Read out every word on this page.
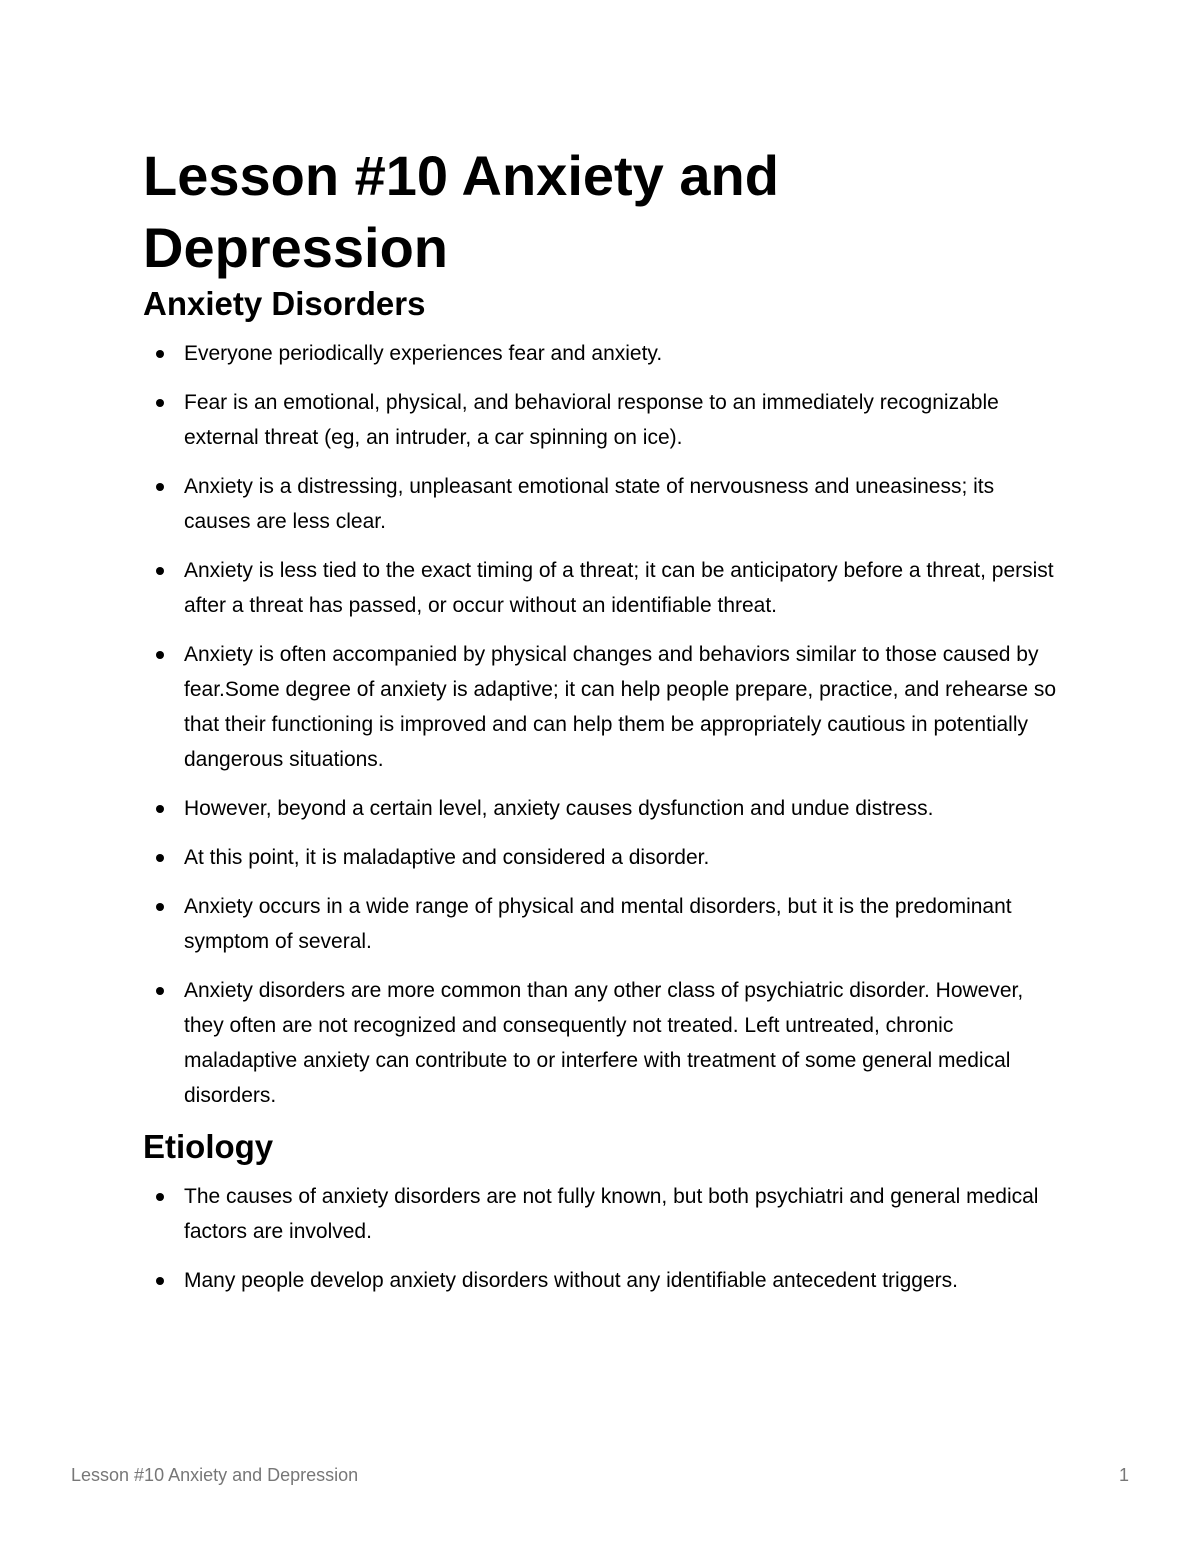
Lesson #10 Anxiety and Depression
Anxiety Disorders
Everyone periodically experiences fear and anxiety.
Fear is an emotional, physical, and behavioral response to an immediately recognizable external threat (eg, an intruder, a car spinning on ice).
Anxiety is a distressing, unpleasant emotional state of nervousness and uneasiness; its causes are less clear.
Anxiety is less tied to the exact timing of a threat; it can be anticipatory before a threat, persist after a threat has passed, or occur without an identifiable threat.
Anxiety is often accompanied by physical changes and behaviors similar to those caused by fear.Some degree of anxiety is adaptive; it can help people prepare, practice, and rehearse so that their functioning is improved and can help them be appropriately cautious in potentially dangerous situations.
However, beyond a certain level, anxiety causes dysfunction and undue distress.
At this point, it is maladaptive and considered a disorder.
Anxiety occurs in a wide range of physical and mental disorders, but it is the predominant symptom of several.
Anxiety disorders are more common than any other class of psychiatric disorder. However, they often are not recognized and consequently not treated. Left untreated, chronic maladaptive anxiety can contribute to or interfere with treatment of some general medical disorders.
Etiology
The causes of anxiety disorders are not fully known, but both psychiatri and general medical factors are involved.
Many people develop anxiety disorders without any identifiable antecedent triggers.
Lesson #10 Anxiety and Depression	1
